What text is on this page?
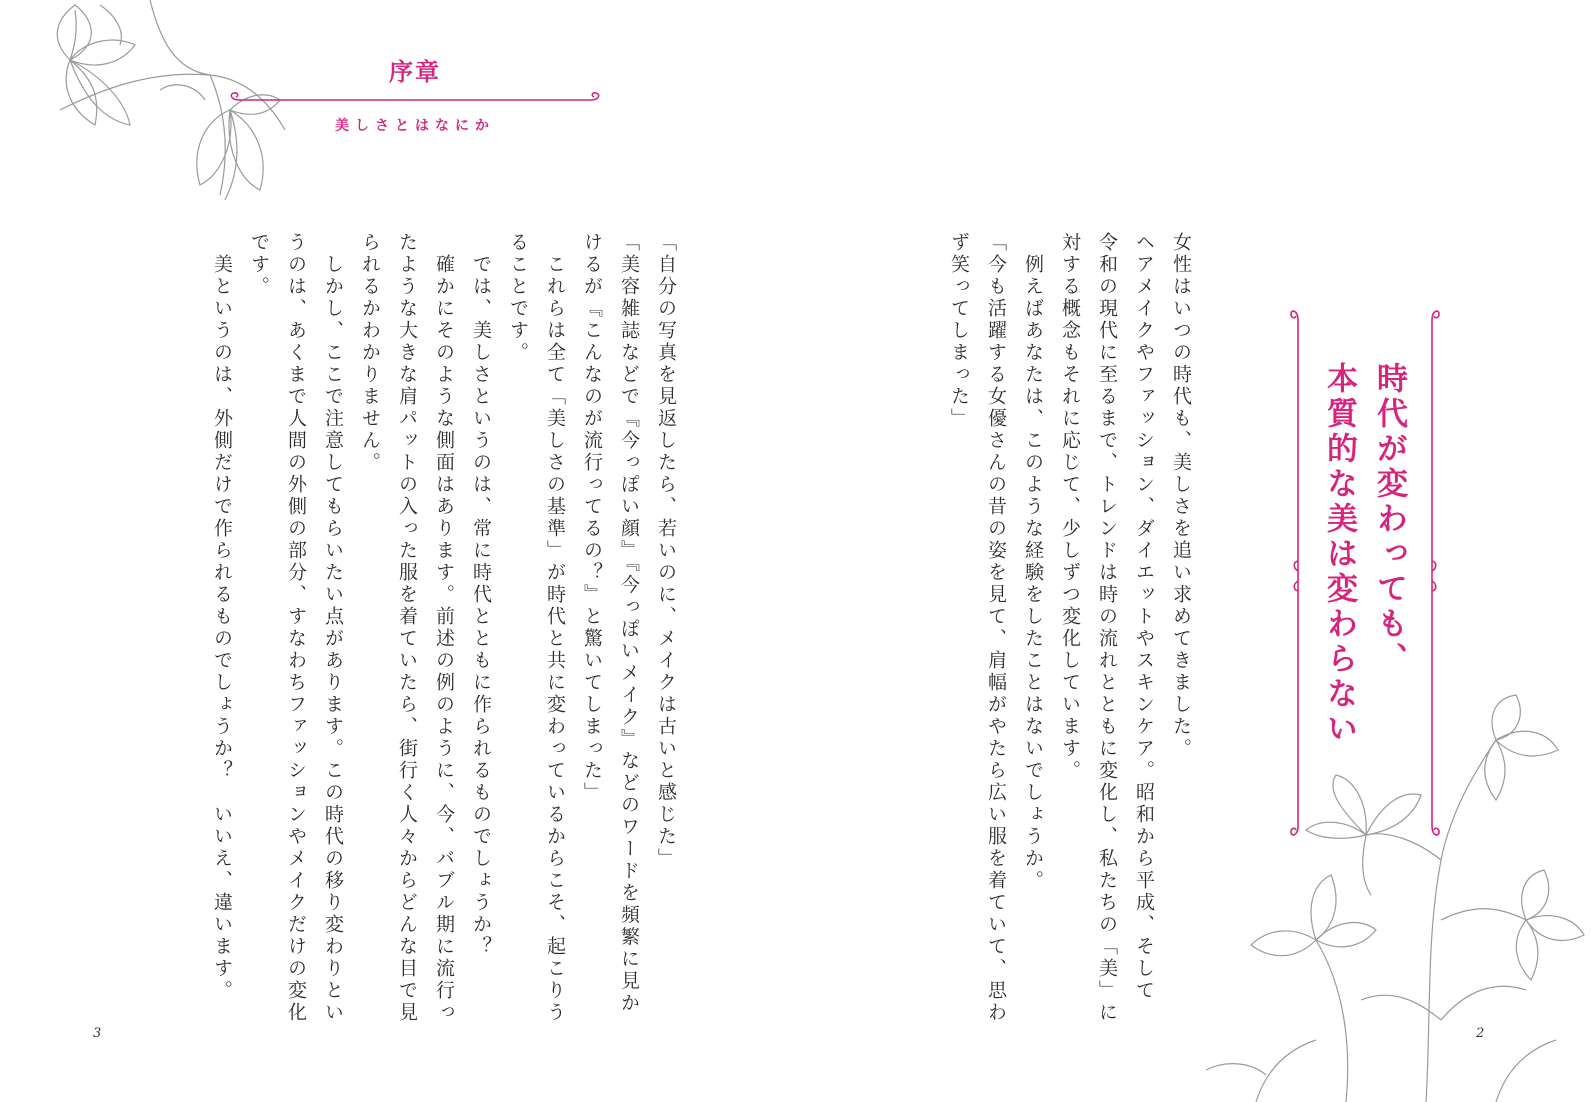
序章
美しさとはなにか

「自分の写真を見返したら、若いのに、メイクは古いと感じた」

「美容雑誌などで『今っぽい顔』『今っぽいメイク』などのワードを頻繁に見か

けるが『こんなのが流行ってるの？』と驚いてしまった」

　これらは全て「美しさの基準」が時代と共に変わっているからこそ、起こりう

ることです。

　では、美しさというのは、常に時代とともに作られるものでしょうか？

　確かにそのような側面はあります。前述の例のように、今、バブル期に流行っ

たような大きな肩パットの入った服を着ていたら、街行く人々からどんな目で見

られるかわかりません。

　しかし、ここで注意してもらいたい点があります。この時代の移り変わりとい

うのは、あくまで人間の外側の部分、すなわちファッションやメイクだけの変化

です。

　美というのは、外側だけで作られるものでしょうか？　いいえ、違います。

3	2

女性はいつの時代も、美しさを追い求めてきました。

ヘアメイクやファッション、ダイエットやスキンケア。昭和から平成、そして

令和の現代に至るまで、トレンドは時の流れとともに変化し、私たちの「美」に

対する概念もそれに応じて、少しずつ変化しています。

　例えばあなたは、このような経験をしたことはないでしょうか。

「今も活躍する女優さんの昔の姿を見て、肩幅がやたら広い服を着ていて、思わ

ず笑ってしまった」

時代が変わっても、
本質的な美は変わらない
